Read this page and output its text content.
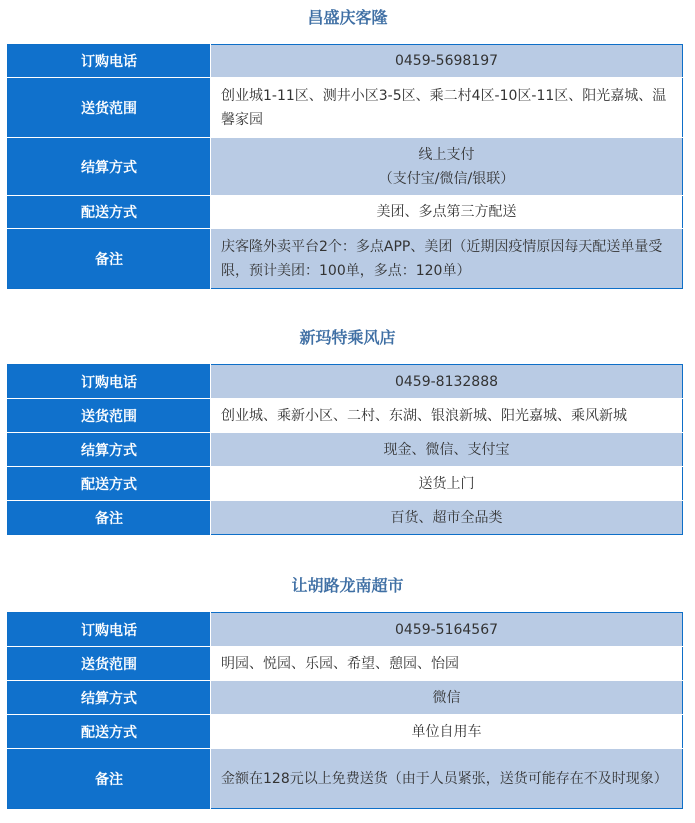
昌盛庆客隆
订购电话	0459-5698197

送货范围	创业城1-11区、测井小区3-5区、乘二村4区-10区-11区、阳光嘉城、温馨家园

结算方式	线上支付
（支付宝/微信/银联）

配送方式	美团、多点第三方配送

备注	庆客隆外卖平台2个：多点APP、美团（近期因疫情原因每天配送单量受限，预计美团：100单，多点：120单）
新玛特乘风店
订购电话	0459-8132888

送货范围	创业城、乘新小区、二村、东湖、银浪新城、阳光嘉城、乘风新城

结算方式	现金、微信、支付宝

配送方式	送货上门

备注	百货、超市全品类
让胡路龙南超市
订购电话	0459-5164567

送货范围	明园、悦园、乐园、希望、憩园、怡园

结算方式	微信

配送方式	单位自用车

备注	金额在128元以上免费送货（由于人员紧张，送货可能存在不及时现象）
